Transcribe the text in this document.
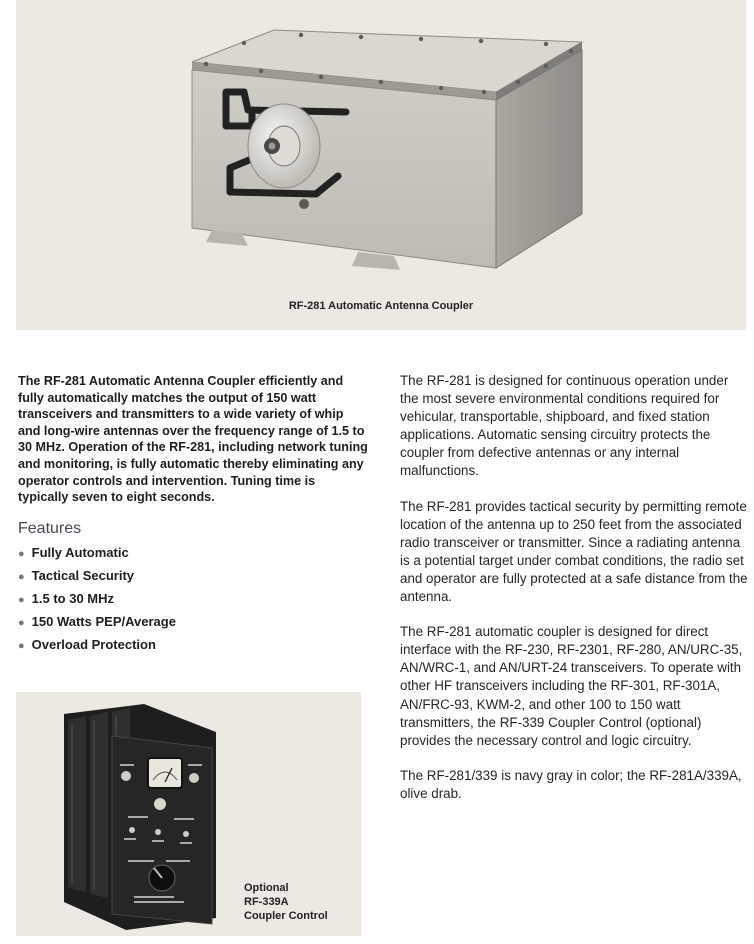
RF-281 Automatic Antenna Coupler

The RF-281 Automatic Antenna Coupler efficiently and fully automatically matches the output of 150 watt transceivers and transmitters to a wide variety of whip and long-wire antennas over the frequency range of 1.5 to 30 MHz. Operation of the RF-281, including network tuning and monitoring, is fully automatic thereby eliminating any operator controls and intervention. Tuning time is typically seven to eight seconds.

Features
● Fully Automatic
● Tactical Security
● 1.5 to 30 MHz
● 150 Watts PEP/Average
● Overload Protection
Optional
RF-339A
Coupler Control

The RF-281 is designed for continuous operation under the most severe environmental conditions required for vehicular, transportable, shipboard, and fixed station applications. Automatic sensing circuitry protects the coupler from defective antennas or any internal malfunctions.

The RF-281 provides tactical security by permitting remote location of the antenna up to 250 feet from the associated radio transceiver or transmitter. Since a radiating antenna is a potential target under combat conditions, the radio set and operator are fully protected at a safe distance from the antenna.

The RF-281 automatic coupler is designed for direct interface with the RF-230, RF-2301, RF-280, AN/URC-35, AN/WRC-1, and AN/URT-24 transceivers. To operate with other HF transceivers including the RF-301, RF-301A, AN/FRC-93, KWM-2, and other 100 to 150 watt transmitters, the RF-339 Coupler Control (optional) provides the necessary control and logic circuitry.

The RF-281/339 is navy gray in color; the RF-281A/339A, olive drab.
